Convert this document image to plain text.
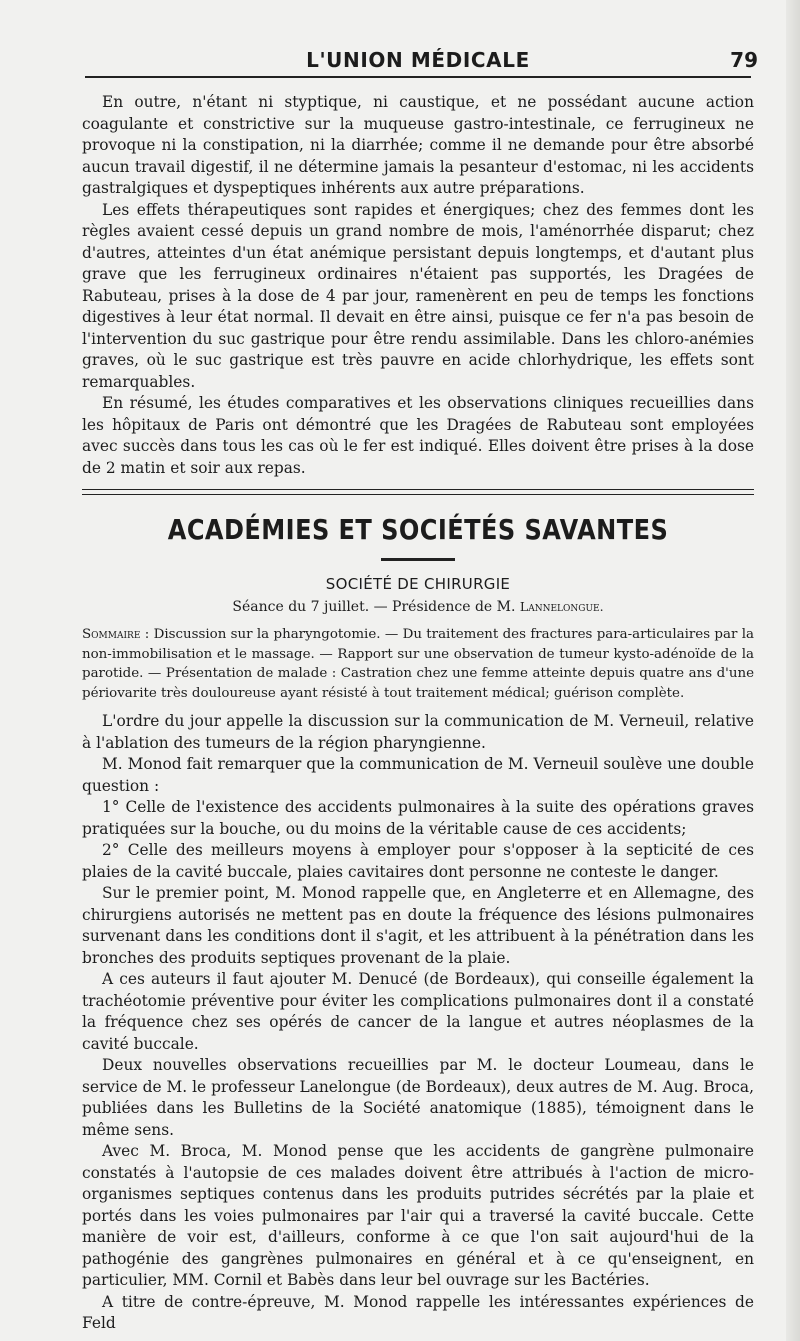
L'UNION MÉDICALE	79

En outre, n'étant ni styptique, ni caustique, et ne possédant aucune action coagulante et constrictive sur la muqueuse gastro-intestinale, ce ferrugineux ne provoque ni la constipation, ni la diarrhée; comme il ne demande pour être absorbé aucun travail digestif, il ne détermine jamais la pesanteur d'estomac, ni les accidents gastralgiques et dyspeptiques inhérents aux autre préparations.

Les effets thérapeutiques sont rapides et énergiques; chez des femmes dont les règles avaient cessé depuis un grand nombre de mois, l'aménorrhée disparut; chez d'autres, atteintes d'un état anémique persistant depuis longtemps, et d'autant plus grave que les ferrugineux ordinaires n'étaient pas supportés, les Dragées de Rabuteau, prises à la dose de 4 par jour, ramenèrent en peu de temps les fonctions digestives à leur état normal. Il devait en être ainsi, puisque ce fer n'a pas besoin de l'intervention du suc gastrique pour être rendu assimilable. Dans les chloro-anémies graves, où le suc gastrique est très pauvre en acide chlorhydrique, les effets sont remarquables.

En résumé, les études comparatives et les observations cliniques recueillies dans les hôpitaux de Paris ont démontré que les Dragées de Rabuteau sont employées avec succès dans tous les cas où le fer est indiqué. Elles doivent être prises à la dose de 2 matin et soir aux repas.

ACADÉMIES ET SOCIÉTÉS SAVANTES
SOCIÉTÉ DE CHIRURGIE
Séance du 7 juillet. — Présidence de M. Lannelongue.

Sommaire : Discussion sur la pharyngotomie. — Du traitement des fractures para-articulaires par la non-immobilisation et le massage. — Rapport sur une observation de tumeur kysto-adénoïde de la parotide. — Présentation de malade : Castration chez une femme atteinte depuis quatre ans d'une périovarite très douloureuse ayant résisté à tout traitement médical; guérison complète.

L'ordre du jour appelle la discussion sur la communication de M. Verneuil, relative à l'ablation des tumeurs de la région pharyngienne.

M. Monod fait remarquer que la communication de M. Verneuil soulève une double question :

1° Celle de l'existence des accidents pulmonaires à la suite des opérations graves pratiquées sur la bouche, ou du moins de la véritable cause de ces accidents;

2° Celle des meilleurs moyens à employer pour s'opposer à la septicité de ces plaies de la cavité buccale, plaies cavitaires dont personne ne conteste le danger.

Sur le premier point, M. Monod rappelle que, en Angleterre et en Allemagne, des chirurgiens autorisés ne mettent pas en doute la fréquence des lésions pulmonaires survenant dans les conditions dont il s'agit, et les attribuent à la pénétration dans les bronches des produits septiques provenant de la plaie.

A ces auteurs il faut ajouter M. Denucé (de Bordeaux), qui conseille également la trachéotomie préventive pour éviter les complications pulmonaires dont il a constaté la fréquence chez ses opérés de cancer de la langue et autres néoplasmes de la cavité buccale.

Deux nouvelles observations recueillies par M. le docteur Loumeau, dans le service de M. le professeur Lanelongue (de Bordeaux), deux autres de M. Aug. Broca, publiées dans les Bulletins de la Société anatomique (1885), témoignent dans le même sens.

Avec M. Broca, M. Monod pense que les accidents de gangrène pulmonaire constatés à l'autopsie de ces malades doivent être attribués à l'action de micro-organismes septiques contenus dans les produits putrides sécrétés par la plaie et portés dans les voies pulmonaires par l'air qui a traversé la cavité buccale. Cette manière de voir est, d'ailleurs, conforme à ce que l'on sait aujourd'hui de la pathogénie des gangrènes pulmonaires en général et à ce qu'enseignent, en particulier, MM. Cornil et Babès dans leur bel ouvrage sur les Bactéries.

A titre de contre-épreuve, M. Monod rappelle les intéressantes expériences de Feld
